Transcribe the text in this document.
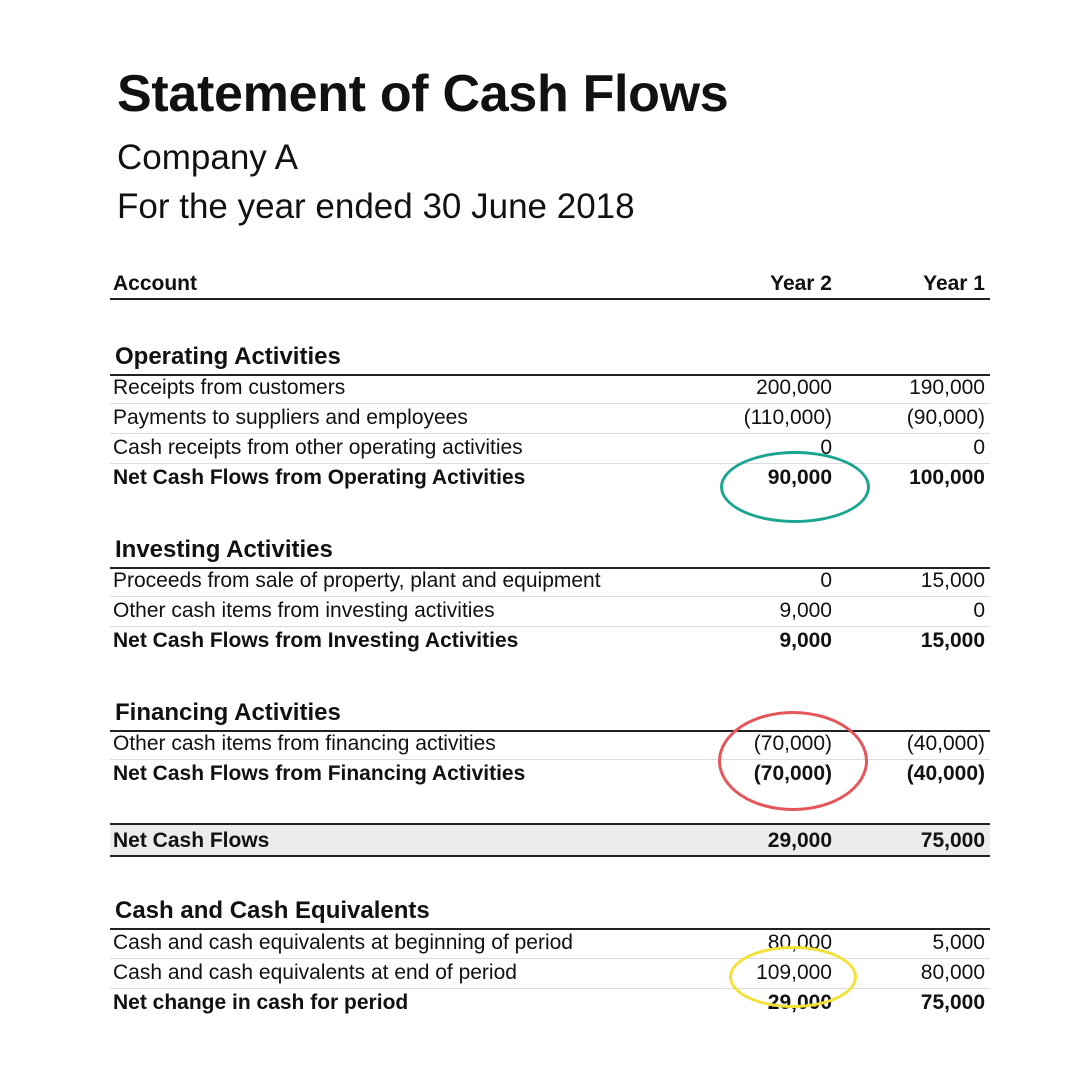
Statement of Cash Flows
Company A
For the year ended 30 June 2018
Account	Year 2	Year 1
Operating Activities
Receipts from customers	200,000	190,000
Payments to suppliers and employees	(110,000)	(90,000)
Cash receipts from other operating activities	0	0
Net Cash Flows from Operating Activities	90,000	100,000
Investing Activities
Proceeds from sale of property, plant and equipment	0	15,000
Other cash items from investing activities	9,000	0
Net Cash Flows from Investing Activities	9,000	15,000
Financing Activities
Other cash items from financing activities	(70,000)	(40,000)
Net Cash Flows from Financing Activities	(70,000)	(40,000)
Net Cash Flows	29,000	75,000
Cash and Cash Equivalents
Cash and cash equivalents at beginning of period	80,000	5,000
Cash and cash equivalents at end of period	109,000	80,000
Net change in cash for period	29,000	75,000
